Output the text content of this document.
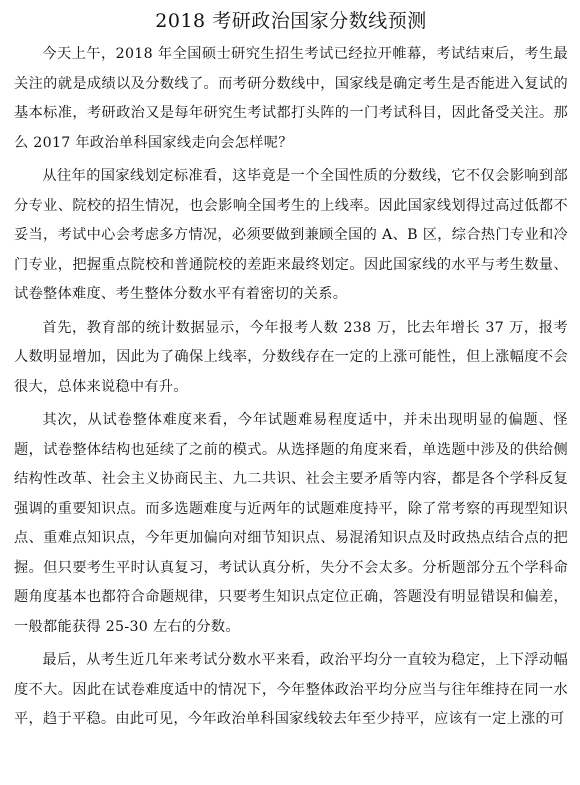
2018 考研政治国家分数线预测

今天上午，2018 年全国硕士研究生招生考试已经拉开帷幕，考试结束后，考生最关注的就是成绩以及分数线了。而考研分数线中，国家线是确定考生是否能进入复试的基本标准，考研政治又是每年研究生考试都打头阵的一门考试科目，因此备受关注。那么 2017 年政治单科国家线走向会怎样呢？

从往年的国家线划定标准看，这毕竟是一个全国性质的分数线，它不仅会影响到部分专业、院校的招生情况，也会影响全国考生的上线率。因此国家线划得过高过低都不妥当，考试中心会考虑多方情况，必须要做到兼顾全国的 A、B 区，综合热门专业和冷门专业，把握重点院校和普通院校的差距来最终划定。因此国家线的水平与考生数量、试卷整体难度、考生整体分数水平有着密切的关系。

首先，教育部的统计数据显示，今年报考人数 238 万，比去年增长 37 万，报考人数明显增加，因此为了确保上线率，分数线存在一定的上涨可能性，但上涨幅度不会很大，总体来说稳中有升。

其次，从试卷整体难度来看，今年试题难易程度适中，并未出现明显的偏题、怪题，试卷整体结构也延续了之前的模式。从选择题的角度来看，单选题中涉及的供给侧结构性改革、社会主义协商民主、九二共识、社会主要矛盾等内容，都是各个学科反复强调的重要知识点。而多选题难度与近两年的试题难度持平，除了常考察的再现型知识点、重难点知识点，今年更加偏向对细节知识点、易混淆知识点及时政热点结合点的把握。但只要考生平时认真复习，考试认真分析，失分不会太多。分析题部分五个学科命题角度基本也都符合命题规律，只要考生知识点定位正确，答题没有明显错误和偏差，一般都能获得 25-30 左右的分数。

最后，从考生近几年来考试分数水平来看，政治平均分一直较为稳定，上下浮动幅度不大。因此在试卷难度适中的情况下，今年整体政治平均分应当与往年维持在同一水平，趋于平稳。由此可见，今年政治单科国家线较去年至少持平，应该有一定上涨的可
